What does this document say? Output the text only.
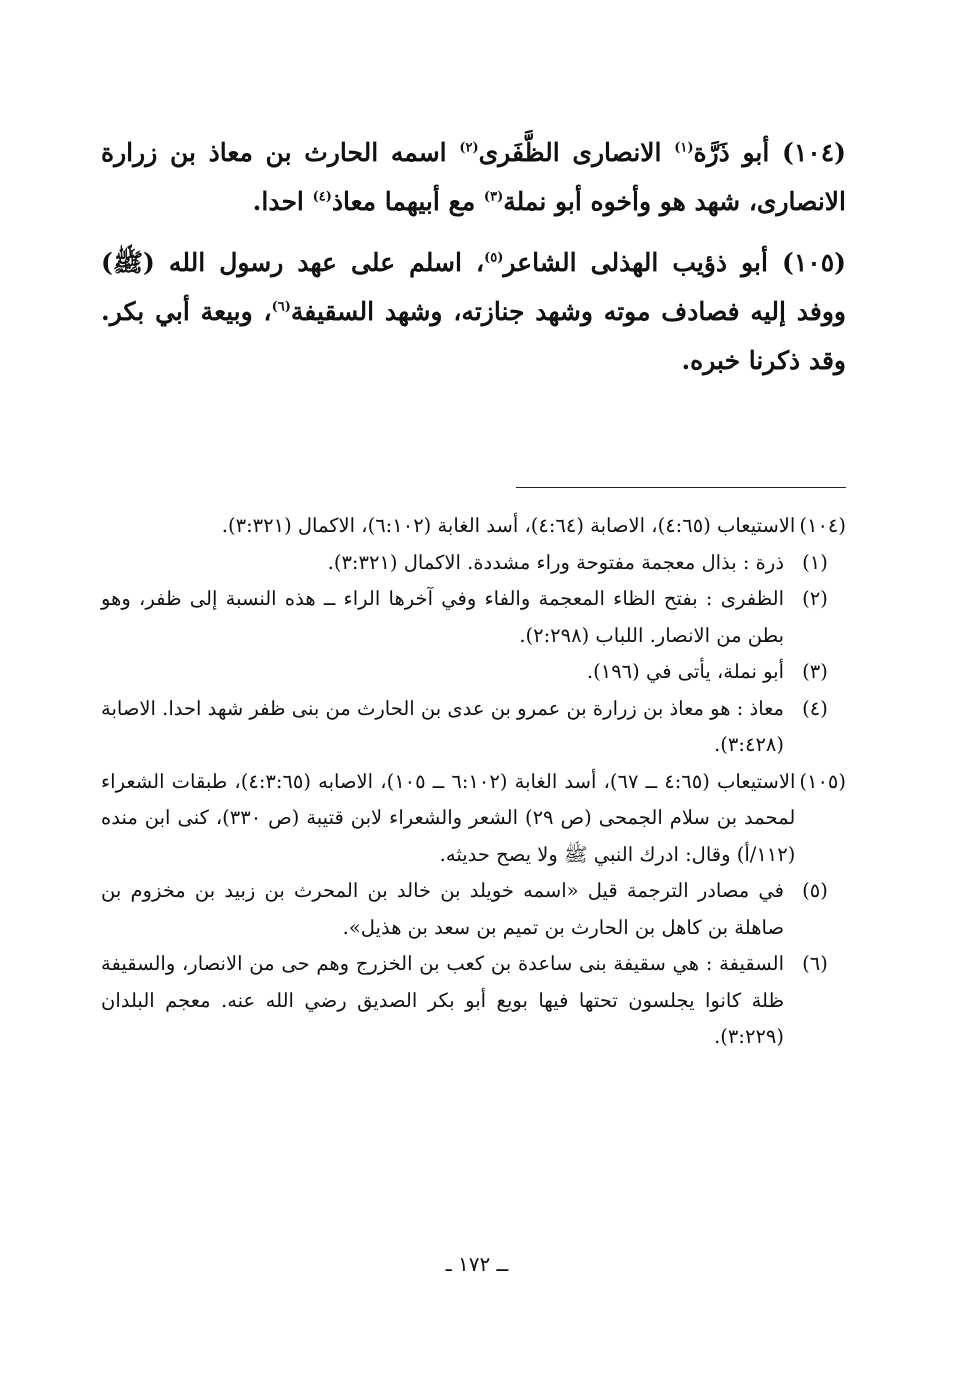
(١٠٤) أبو ذَرَّة$^{(١)}$ الانصارى الظَّفَرى$^{(٢)}$ اسمه الحارث بن معاذ بن زرارة الانصارى، شهد هو وأخوه أبو نملة$^{(٣)}$ مع أبيهما معاذ$^{(٤)}$ احدا.

(١٠٥) أبو ذؤيب الهذلى الشاعر$^{(٥)}$، اسلم على عهد رسول الله (ﷺ) ووفد إليه فصادف موته وشهد جنازته، وشهد السقيفة$^{(٦)}$، وبيعة أبي بكر. وقد ذكرنا خبره.

(١٠٤)
الاستيعاب (٤:٦٥)، الاصابة (٤:٦٤)، أسد الغابة (٦:١٠٢)، الاكمال (٣:٣٢١).
(١)
ذرة : بذال معجمة مفتوحة وراء مشددة. الاكمال (٣:٣٢١).
(٢)
الظفرى : بفتح الظاء المعجمة والفاء وفي آخرها الراء ــ هذه النسبة إلى ظفر، وهو بطن من الانصار. اللباب (٢:٢٩٨).
(٣)
أبو نملة، يأتى في (١٩٦).
(٤)
معاذ : هو معاذ بن زرارة بن عمرو بن عدى بن الحارث من بنى ظفر شهد احدا. الاصابة (٣:٤٢٨).
(١٠٥)
الاستيعاب (٤:٦٥ ــ ٦٧)، أسد الغابة (٦:١٠٢ ــ ١٠٥)، الاصابه (٤:٣:٦٥)، طبقات الشعراء لمحمد بن سلام الجمحى (ص ٢٩) الشعر والشعراء لابن قتيبة (ص ٣٣٠)، كنى ابن منده (١١٢/أ) وقال: ادرك النبي ﷺ ولا يصح حديثه.
(٥)
في مصادر الترجمة قيل «اسمه خويلد بن خالد بن المحرث بن زبيد بن مخزوم بن صاهلة بن كاهل بن الحارث بن تميم بن سعد بن هذيل».
(٦)
السقيفة : هي سقيفة بنى ساعدة بن كعب بن الخزرج وهم حى من الانصار، والسقيفة ظلة كانوا يجلسون تحتها فيها بويع أبو بكر الصديق رضي الله عنه. معجم البلدان (٣:٢٢٩).
ــ ١٧٢ ـ
